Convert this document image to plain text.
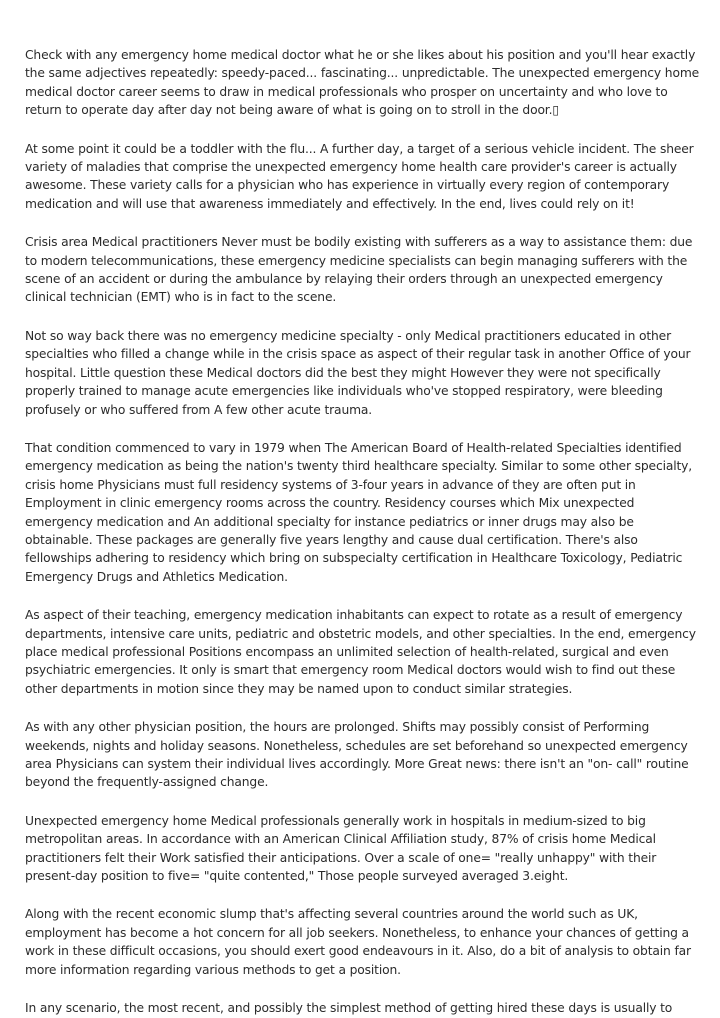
Check with any emergency home medical doctor what he or she likes about his position and you'll hear exactly the same adjectives repeatedly: speedy-paced... fascinating... unpredictable. The unexpected emergency home medical doctor career seems to draw in medical professionals who prosper on uncertainty and who love to return to operate day after day not being aware of what is going on to stroll in the door.▯

At some point it could be a toddler with the flu... A further day, a target of a serious vehicle incident. The sheer variety of maladies that comprise the unexpected emergency home health care provider's career is actually awesome. These variety calls for a physician who has experience in virtually every region of contemporary medication and will use that awareness immediately and effectively. In the end, lives could rely on it!

Crisis area Medical practitioners Never must be bodily existing with sufferers as a way to assistance them: due to modern telecommunications, these emergency medicine specialists can begin managing sufferers with the scene of an accident or during the ambulance by relaying their orders through an unexpected emergency clinical technician (EMT) who is in fact to the scene.

Not so way back there was no emergency medicine specialty - only Medical practitioners educated in other specialties who filled a change while in the crisis space as aspect of their regular task in another Office of your hospital. Little question these Medical doctors did the best they might However they were not specifically properly trained to manage acute emergencies like individuals who've stopped respiratory, were bleeding profusely or who suffered from A few other acute trauma.

That condition commenced to vary in 1979 when The American Board of Health-related Specialties identified emergency medication as being the nation's twenty third healthcare specialty. Similar to some other specialty, crisis home Physicians must full residency systems of 3-four years in advance of they are often put in Employment in clinic emergency rooms across the country. Residency courses which Mix unexpected emergency medication and An additional specialty for instance pediatrics or inner drugs may also be obtainable. These packages are generally five years lengthy and cause dual certification. There's also fellowships adhering to residency which bring on subspecialty certification in Healthcare Toxicology, Pediatric Emergency Drugs and Athletics Medication.

As aspect of their teaching, emergency medication inhabitants can expect to rotate as a result of emergency departments, intensive care units, pediatric and obstetric models, and other specialties. In the end, emergency place medical professional Positions encompass an unlimited selection of health-related, surgical and even psychiatric emergencies. It only is smart that emergency room Medical doctors would wish to find out these other departments in motion since they may be named upon to conduct similar strategies.

As with any other physician position, the hours are prolonged. Shifts may possibly consist of Performing weekends, nights and holiday seasons. Nonetheless, schedules are set beforehand so unexpected emergency area Physicians can system their individual lives accordingly. More Great news: there isn't an "on- call" routine beyond the frequently-assigned change.

Unexpected emergency home Medical professionals generally work in hospitals in medium-sized to big metropolitan areas. In accordance with an American Clinical Affiliation study, 87% of crisis home Medical practitioners felt their Work satisfied their anticipations. Over a scale of one= "really unhappy" with their present-day position to five= "quite contented," Those people surveyed averaged 3.eight.

Along with the recent economic slump that's affecting several countries around the world such as UK, employment has become a hot concern for all job seekers. Nonetheless, to enhance your chances of getting a work in these difficult occasions, you should exert good endeavours in it. Also, do a bit of analysis to obtain far more information regarding various methods to get a position.

In any scenario, the most recent, and possibly the simplest method of getting hired these days is usually to
